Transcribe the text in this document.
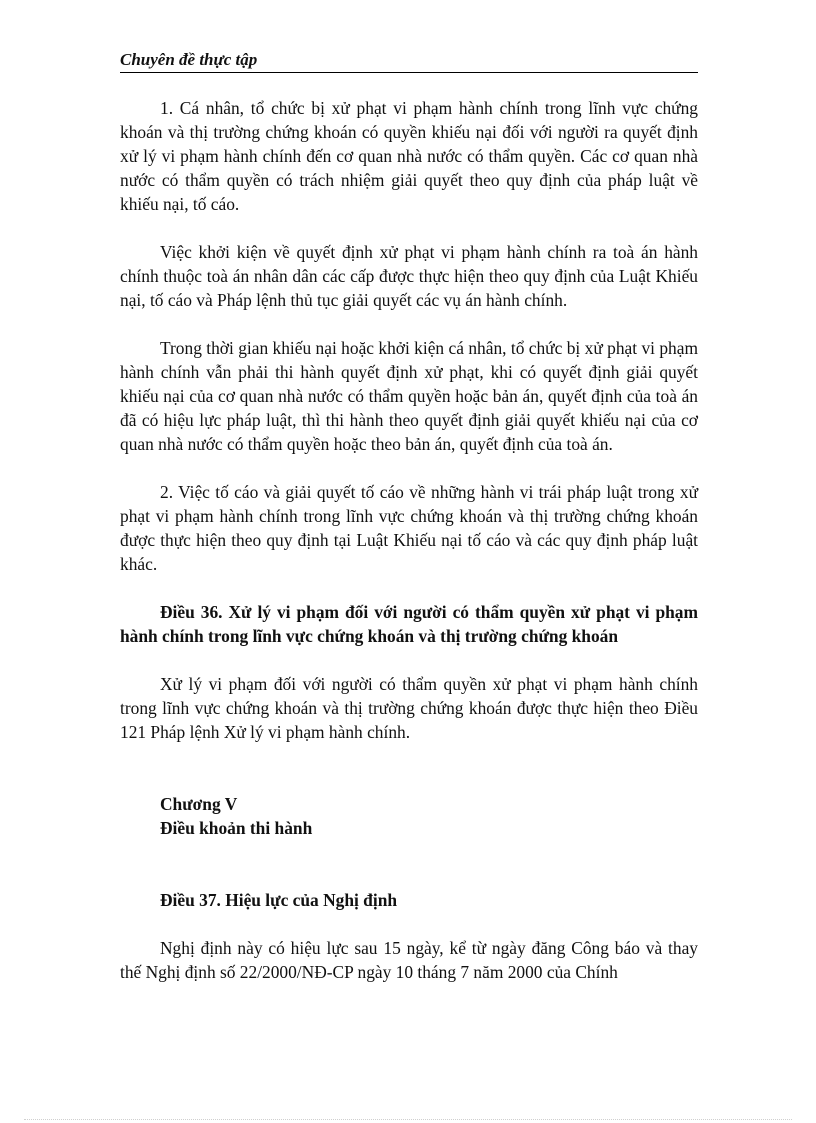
Chuyên đề thực tập

1. Cá nhân, tổ chức bị xử phạt vi phạm hành chính trong lĩnh vực chứng khoán và thị trường chứng khoán có quyền khiếu nại đối với người ra quyết định xử lý vi phạm hành chính đến cơ quan nhà nước có thẩm quyền. Các cơ quan nhà nước có thẩm quyền có trách nhiệm giải quyết theo quy định của pháp luật về khiếu nại, tố cáo.

Việc khởi kiện về quyết định xử phạt vi phạm hành chính ra toà án hành chính thuộc toà án nhân dân các cấp được thực hiện theo quy định của Luật Khiếu nại, tố cáo và Pháp lệnh thủ tục giải quyết các vụ án hành chính.

Trong thời gian khiếu nại hoặc khởi kiện cá nhân, tổ chức bị xử phạt vi phạm hành chính vẫn phải thi hành quyết định xử phạt, khi có quyết định giải quyết khiếu nại của cơ quan nhà nước có thẩm quyền hoặc bản án, quyết định của toà án đã có hiệu lực pháp luật, thì thi hành theo quyết định giải quyết khiếu nại của cơ quan nhà nước có thẩm quyền hoặc theo bản án, quyết định của toà án.

2. Việc tố cáo và giải quyết tố cáo về những hành vi trái pháp luật trong xử phạt vi phạm hành chính trong lĩnh vực chứng khoán và thị trường chứng khoán được thực hiện theo quy định tại Luật Khiếu nại tố cáo và các quy định pháp luật khác.

Điều 36. Xử lý vi phạm đối với người có thẩm quyền xử phạt vi phạm hành chính trong lĩnh vực chứng khoán và thị trường chứng khoán

Xử lý vi phạm đối với người có thẩm quyền xử phạt vi phạm hành chính trong lĩnh vực chứng khoán và thị trường chứng khoán được thực hiện theo Điều 121 Pháp lệnh Xử lý vi phạm hành chính.

Chương V
Điều khoản thi hành
Điều 37. Hiệu lực của Nghị định

Nghị định này có hiệu lực sau 15 ngày, kể từ ngày đăng Công báo và thay thế Nghị định số 22/2000/NĐ-CP ngày 10 tháng 7 năm 2000 của Chính
